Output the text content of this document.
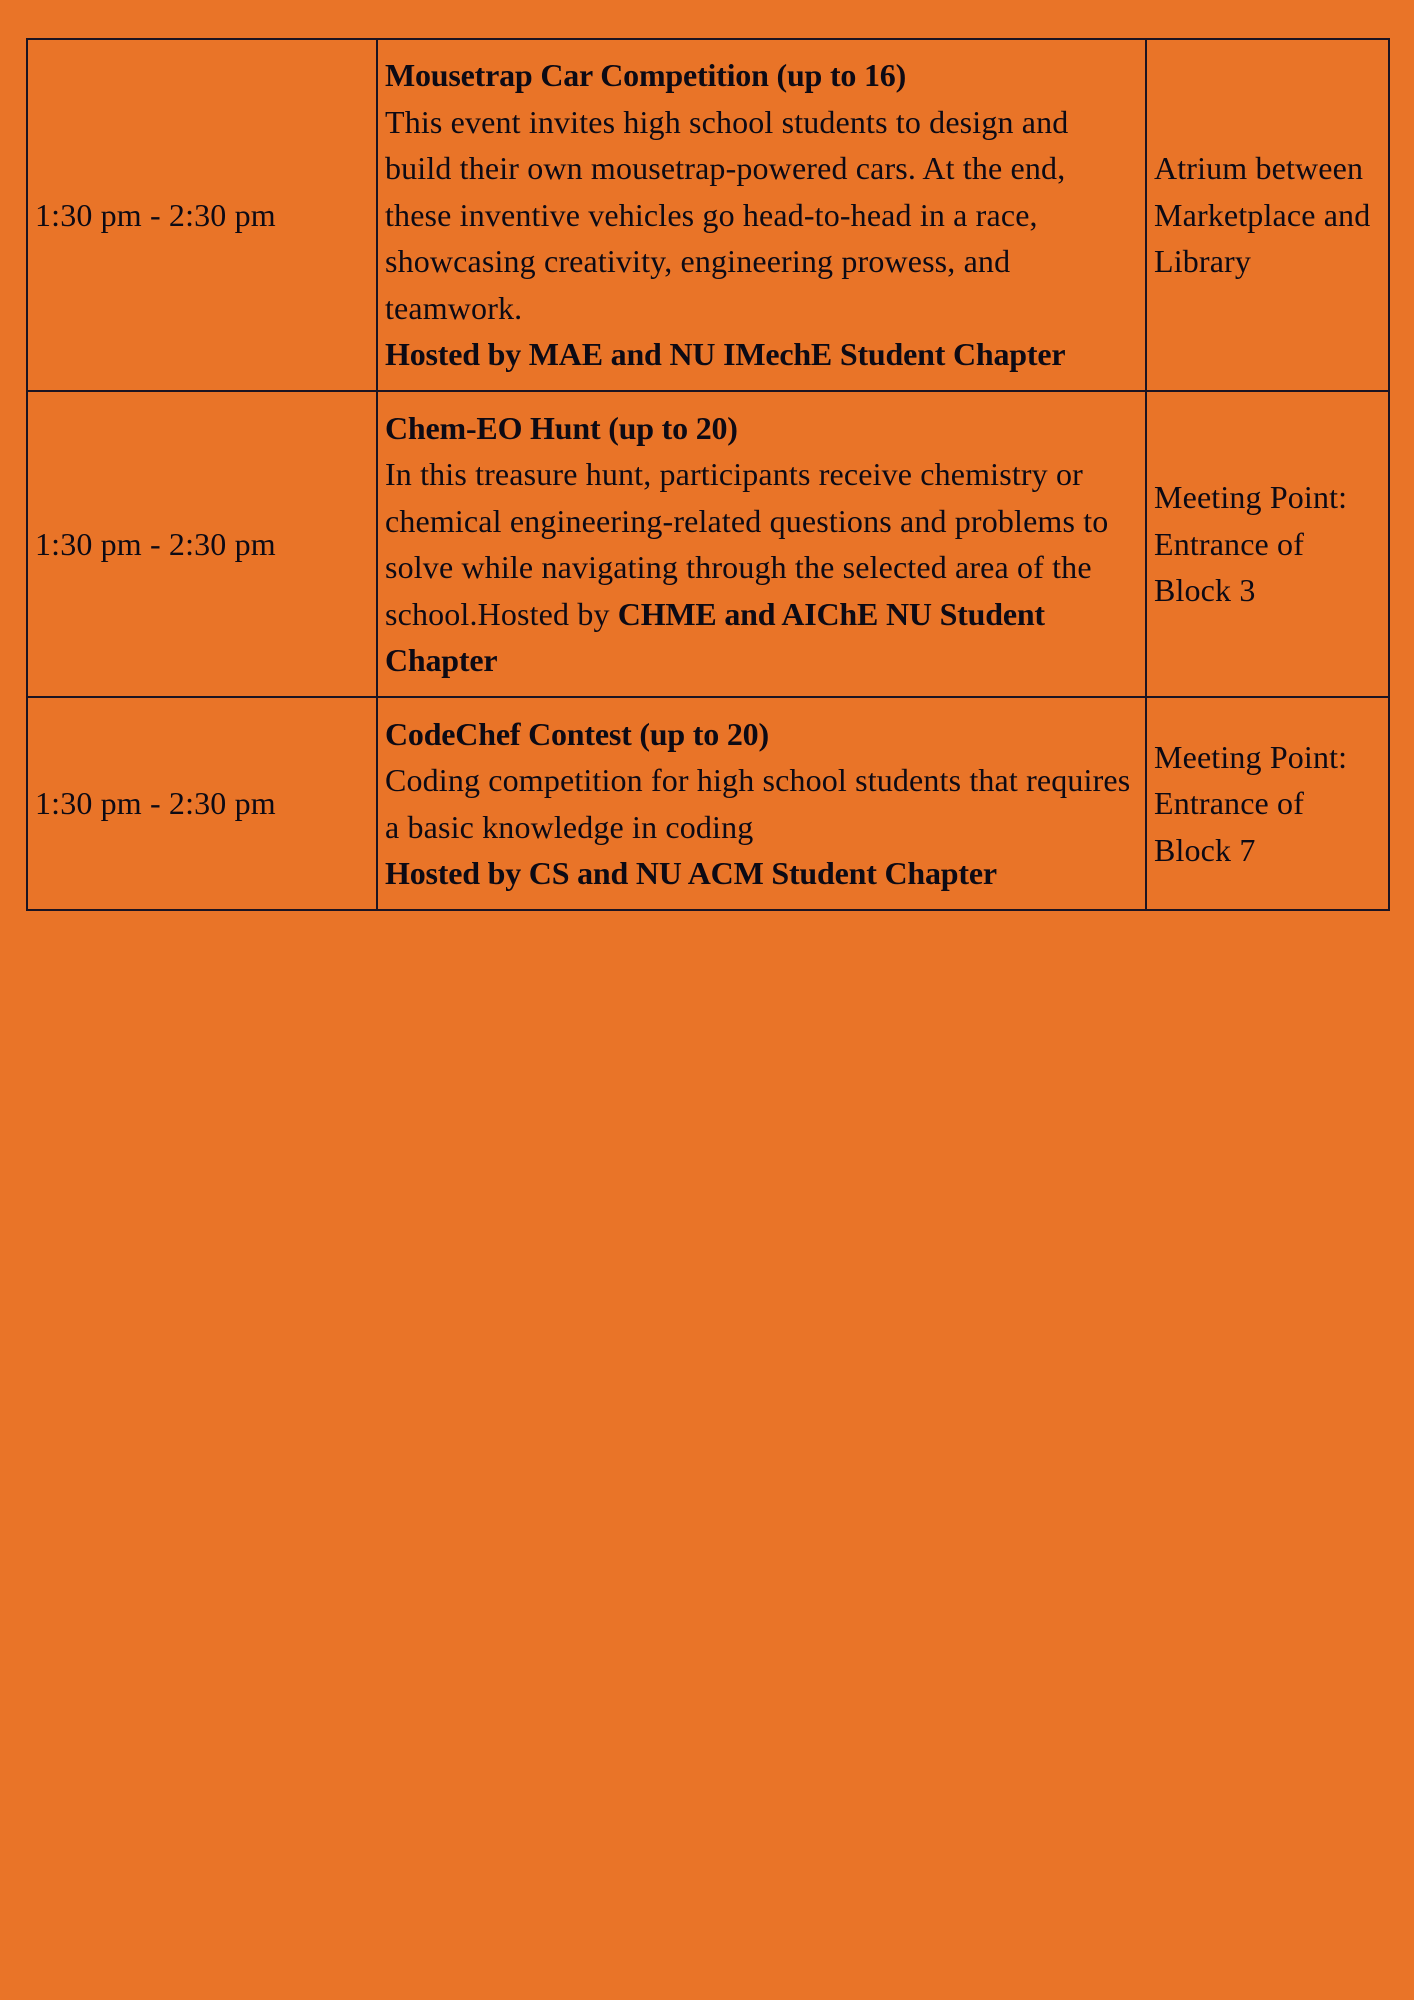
1:30 pm - 2:30 pm	Mousetrap Car Competition (up to 16)
This event invites high school students to design and build their own mousetrap-powered cars. At the end, these inventive vehicles go head-to-head in a race, showcasing creativity, engineering prowess, and teamwork.
Hosted by MAE and NU IMechE Student Chapter	Atrium between Marketplace and Library
1:30 pm - 2:30 pm	Chem-EO Hunt (up to 20)
In this treasure hunt, participants receive chemistry or chemical engineering-related questions and problems to solve while navigating through the selected area of the school.Hosted by CHME and AIChE NU Student Chapter	Meeting Point: Entrance of Block 3
1:30 pm - 2:30 pm	CodeChef Contest (up to 20)
Coding competition for high school students that requires a basic knowledge in coding
Hosted by CS and NU ACM Student Chapter	Meeting Point: Entrance of Block 7
